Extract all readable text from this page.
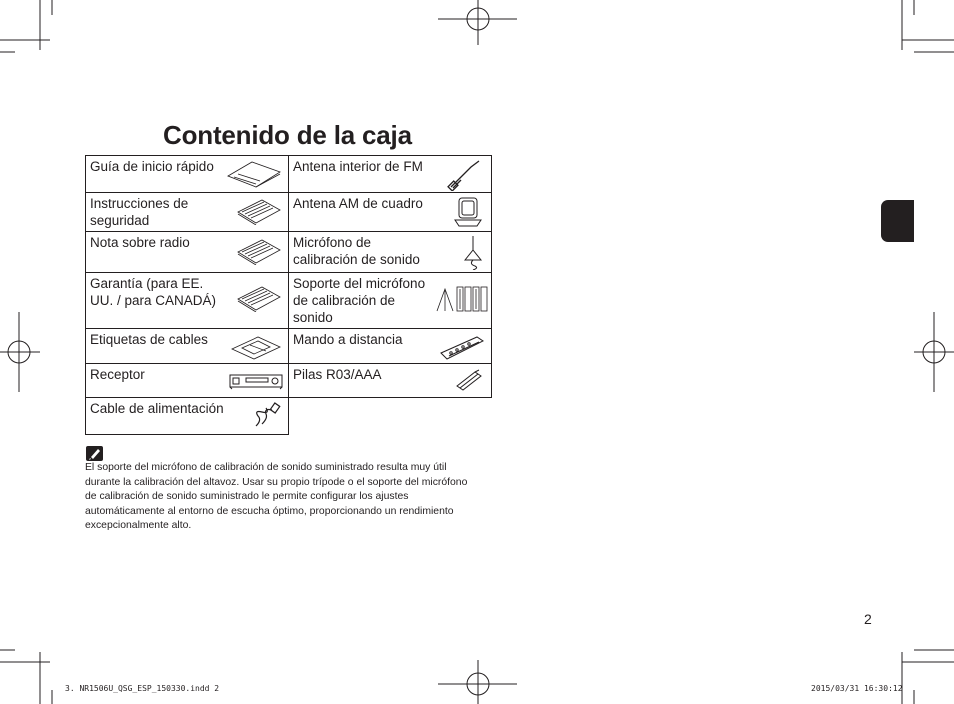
Contenido de la caja
Guía de inicio rápido	Antena interior de FM

Instrucciones de seguridad	Antena AM de cuadro

Nota sobre radio	Micrófono de calibración de sonido

Garantía (para EE. UU. / para CANADÁ)	Soporte del micrófono de calibración de sonido

Etiquetas de cables	Mando a distancia

Receptor	Pilas R03/AAA

Cable de alimentación	

El soporte del micrófono de calibración de sonido suministrado resulta muy útil durante la calibración del altavoz. Usar su propio trípode o el soporte del micrófono de calibración de sonido suministrado le permite configurar los ajustes automáticamente al entorno de escucha óptimo, proporcionando un rendimiento excepcionalmente alto.
2
3. NR1506U_QSG_ESP_150330.indd 2	2015/03/31 16:30:12
